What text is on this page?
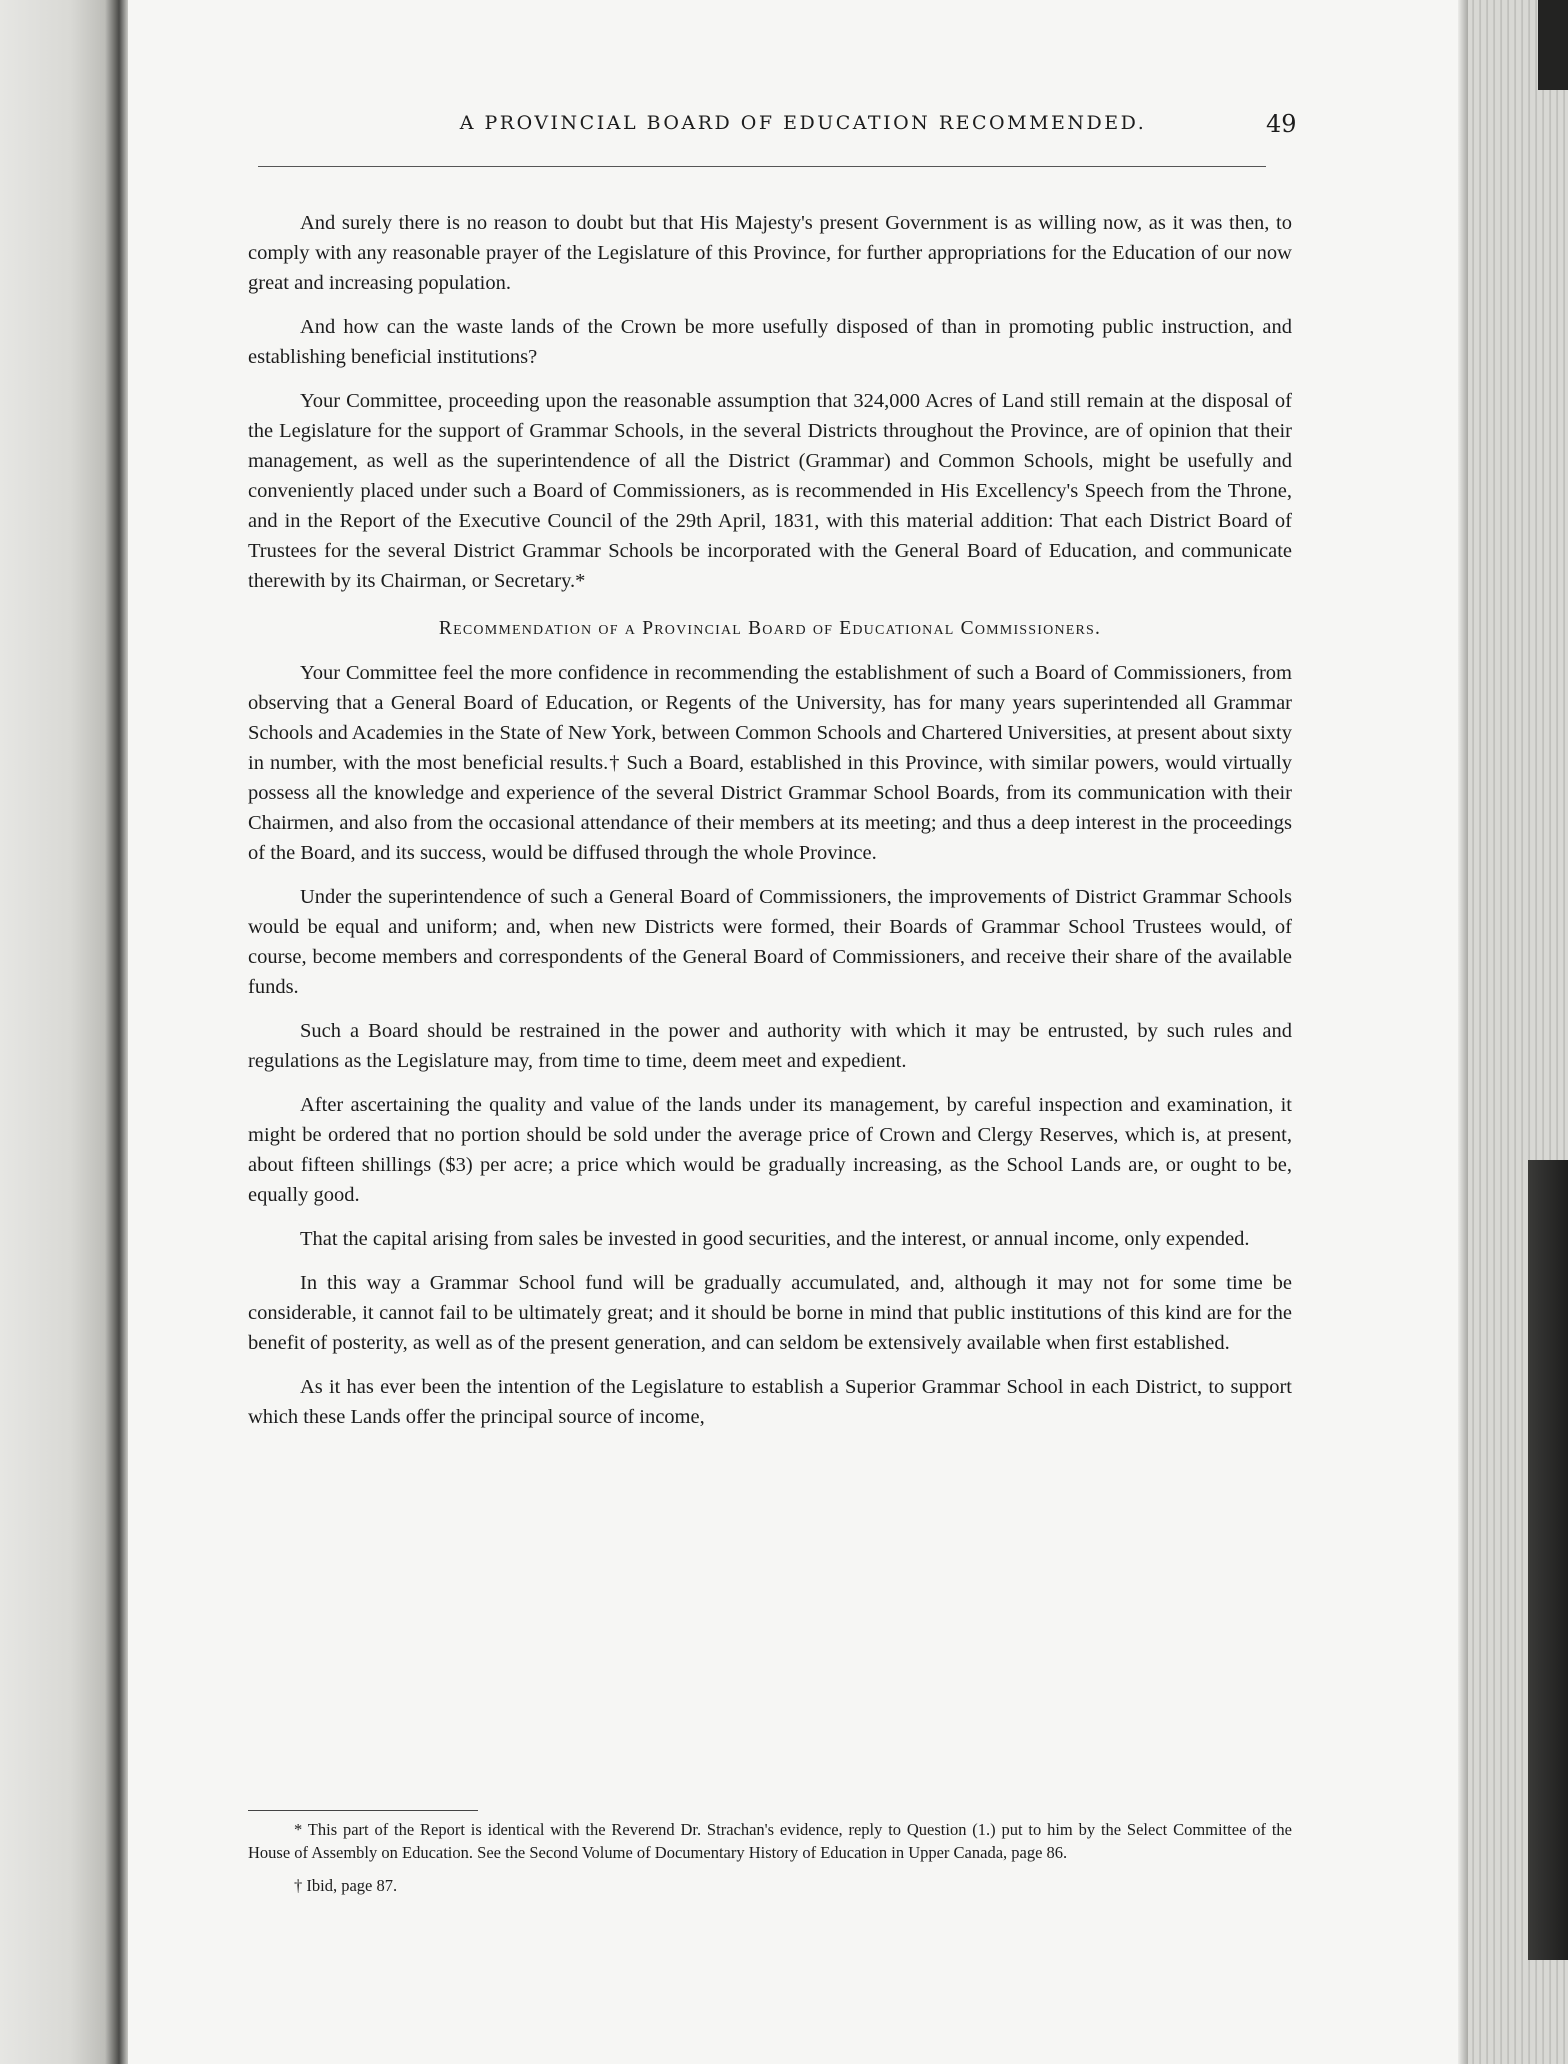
A PROVINCIAL BOARD OF EDUCATION RECOMMENDED.	49

And surely there is no reason to doubt but that His Majesty's present Government is as willing now, as it was then, to comply with any reasonable prayer of the Legislature of this Province, for further appropriations for the Education of our now great and increasing population.

And how can the waste lands of the Crown be more usefully disposed of than in promoting public instruction, and establishing beneficial institutions?

Your Committee, proceeding upon the reasonable assumption that 324,000 Acres of Land still remain at the disposal of the Legislature for the support of Grammar Schools, in the several Districts throughout the Province, are of opinion that their management, as well as the superintendence of all the District (Grammar) and Common Schools, might be usefully and conveniently placed under such a Board of Commissioners, as is recommended in His Excellency's Speech from the Throne, and in the Report of the Executive Council of the 29th April, 1831, with this material addition: That each District Board of Trustees for the several District Grammar Schools be incorporated with the General Board of Education, and communicate therewith by its Chairman, or Secretary.*

Recommendation of a Provincial Board of Educational Commissioners.

Your Committee feel the more confidence in recommending the establishment of such a Board of Commissioners, from observing that a General Board of Education, or Regents of the University, has for many years superintended all Grammar Schools and Academies in the State of New York, between Common Schools and Chartered Universities, at present about sixty in number, with the most beneficial results.† Such a Board, established in this Province, with similar powers, would virtually possess all the knowledge and experience of the several District Grammar School Boards, from its communication with their Chairmen, and also from the occasional attendance of their members at its meeting; and thus a deep interest in the proceedings of the Board, and its success, would be diffused through the whole Province.

Under the superintendence of such a General Board of Commissioners, the improvements of District Grammar Schools would be equal and uniform; and, when new Districts were formed, their Boards of Grammar School Trustees would, of course, become members and correspondents of the General Board of Commissioners, and receive their share of the available funds.

Such a Board should be restrained in the power and authority with which it may be entrusted, by such rules and regulations as the Legislature may, from time to time, deem meet and expedient.

After ascertaining the quality and value of the lands under its management, by careful inspection and examination, it might be ordered that no portion should be sold under the average price of Crown and Clergy Reserves, which is, at present, about fifteen shillings ($3) per acre; a price which would be gradually increasing, as the School Lands are, or ought to be, equally good.

That the capital arising from sales be invested in good securities, and the interest, or annual income, only expended.

In this way a Grammar School fund will be gradually accumulated, and, although it may not for some time be considerable, it cannot fail to be ultimately great; and it should be borne in mind that public institutions of this kind are for the benefit of posterity, as well as of the present generation, and can seldom be extensively available when first established.

As it has ever been the intention of the Legislature to establish a Superior Grammar School in each District, to support which these Lands offer the principal source of income,

* This part of the Report is identical with the Reverend Dr. Strachan's evidence, reply to Question (1.) put to him by the Select Committee of the House of Assembly on Education. See the Second Volume of Documentary History of Education in Upper Canada, page 86.

† Ibid, page 87.
